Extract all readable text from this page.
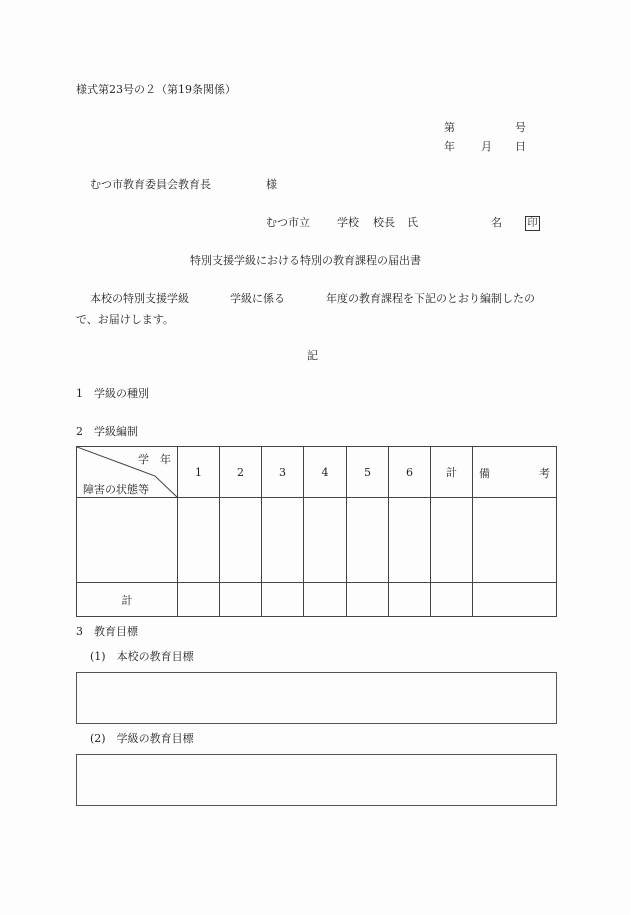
様式第23号の２（第19条関係）
第	号
年 月 日
むつ市教育委員会教育長	様
むつ市立 学校 校長 氏	名	印
特別支援学級における特別の教育課程の届出書
本校の特別支援学級	学級に係る	年度の教育課程を下記のとおり編制したの
で、お届けします。
記
1　学級の種別
2　学級編制
学　年
障害の状態等	1	2	3	4	5	6	計	備 考

計								
3　教育目標
(1)　本校の教育目標
(2)　学級の教育目標
